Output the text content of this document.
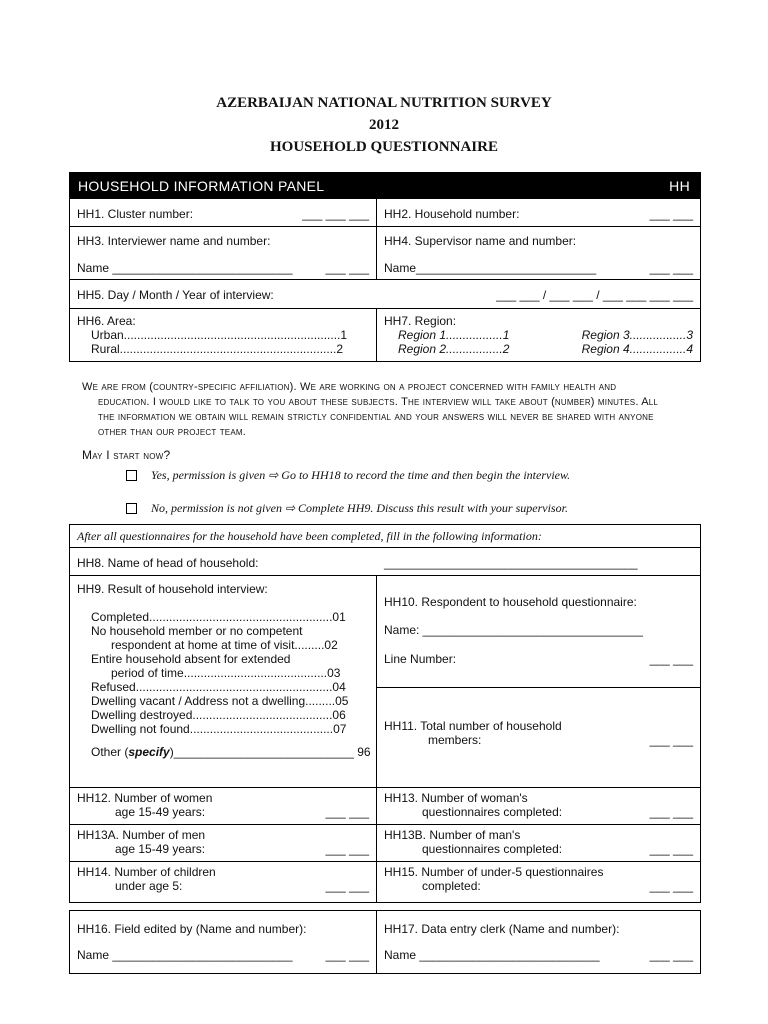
AZERBAIJAN NATIONAL NUTRITION SURVEY
2012
HOUSEHOLD QUESTIONNAIRE
HOUSEHOLD INFORMATION PANEL	HH
HH1. Cluster number:	___ ___ ___ HH2. Household number:	___ ___
HH3. Interviewer name and number:
Name ___________________________	___ ___
HH4. Supervisor name and number:
Name___________________________	___ ___
HH5. Day / Month / Year of interview:	___ ___ / ___ ___ / ___ ___ ___ ___
HH6. Area:
Urban.................................................................1
Rural.................................................................2
HH7. Region:
Region 1.................1	Region 3.................3
Region 2.................2	Region 4.................4

We are from (country-specific affiliation). We are working on a project concerned with family health and

education. I would like to talk to you about these subjects. The interview will take about (number) minutes. All

the information we obtain will remain strictly confidential and your answers will never be shared with anyone

other than our project team.

May I start now?

Yes, permission is given ⇨ Go to HH18 to record the time and then begin the interview.
No, permission is not given ⇨ Complete HH9. Discuss this result with your supervisor.
After all questionnaires for the household have been completed, fill in the following information:
HH8. Name of head of household:	______________________________________
HH9. Result of household interview:
Completed.......................................................01
No household member or no competent
respondent at home at time of visit.........02
Entire household absent for extended
period of time...........................................03
Refused...........................................................04
Dwelling vacant / Address not a dwelling.........05
Dwelling destroyed..........................................06
Dwelling not found...........................................07
Other (specify)___________________________ 96
HH10. Respondent to household questionnaire:
Name: _________________________________
Line Number:	___ ___
HH11. Total number of household
members:	___ ___
HH12. Number of women
age 15-49 years:	___ ___
HH13. Number of woman's
questionnaires completed:	___ ___
HH13A. Number of men
age 15-49 years:	___ ___
HH13B. Number of man's
questionnaires completed:	___ ___
HH14. Number of children
under age 5:	___ ___
HH15. Number of under-5 questionnaires
completed:	___ ___
HH16. Field edited by (Name and number):
Name ___________________________	___ ___
HH17. Data entry clerk (Name and number):
Name ___________________________	___ ___
